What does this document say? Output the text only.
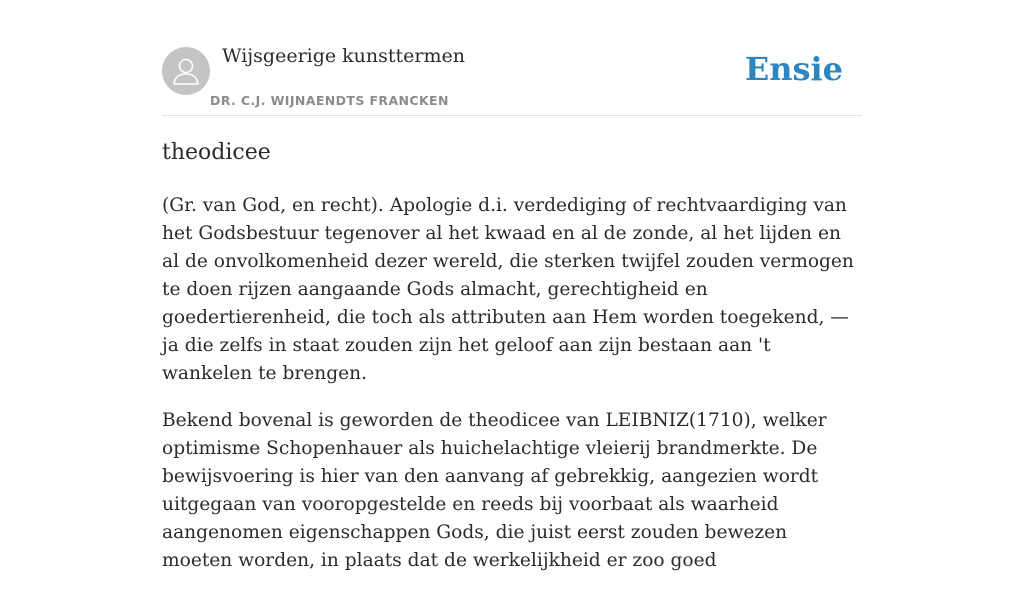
Wijsgeerige kunsttermen
DR. C.J. WIJNAENDTS FRANCKEN
Ensie
theodicee

(Gr. van God, en recht). Apologie d.i. verdediging of rechtvaardiging van het Godsbestuur tegenover al het kwaad en al de zonde, al het lijden en al de onvolkomenheid dezer wereld, die sterken twijfel zouden vermogen te doen rijzen aangaande Gods almacht, gerechtigheid en goedertierenheid, die toch als attributen aan Hem worden toegekend, — ja die zelfs in staat zouden zijn het geloof aan zijn bestaan aan 't wankelen te brengen.

Bekend bovenal is geworden de theodicee van LEIBNIZ(1710), welker optimisme Schopenhauer als huichelachtige vleierij brandmerkte. De bewijsvoering is hier van den aanvang af gebrekkig, aangezien wordt uitgegaan van vooropgestelde en reeds bij voorbaat als waarheid aangenomen eigenschappen Gods, die juist eerst zouden bewezen moeten worden, in plaats dat de werkelijkheid er zoo goed
